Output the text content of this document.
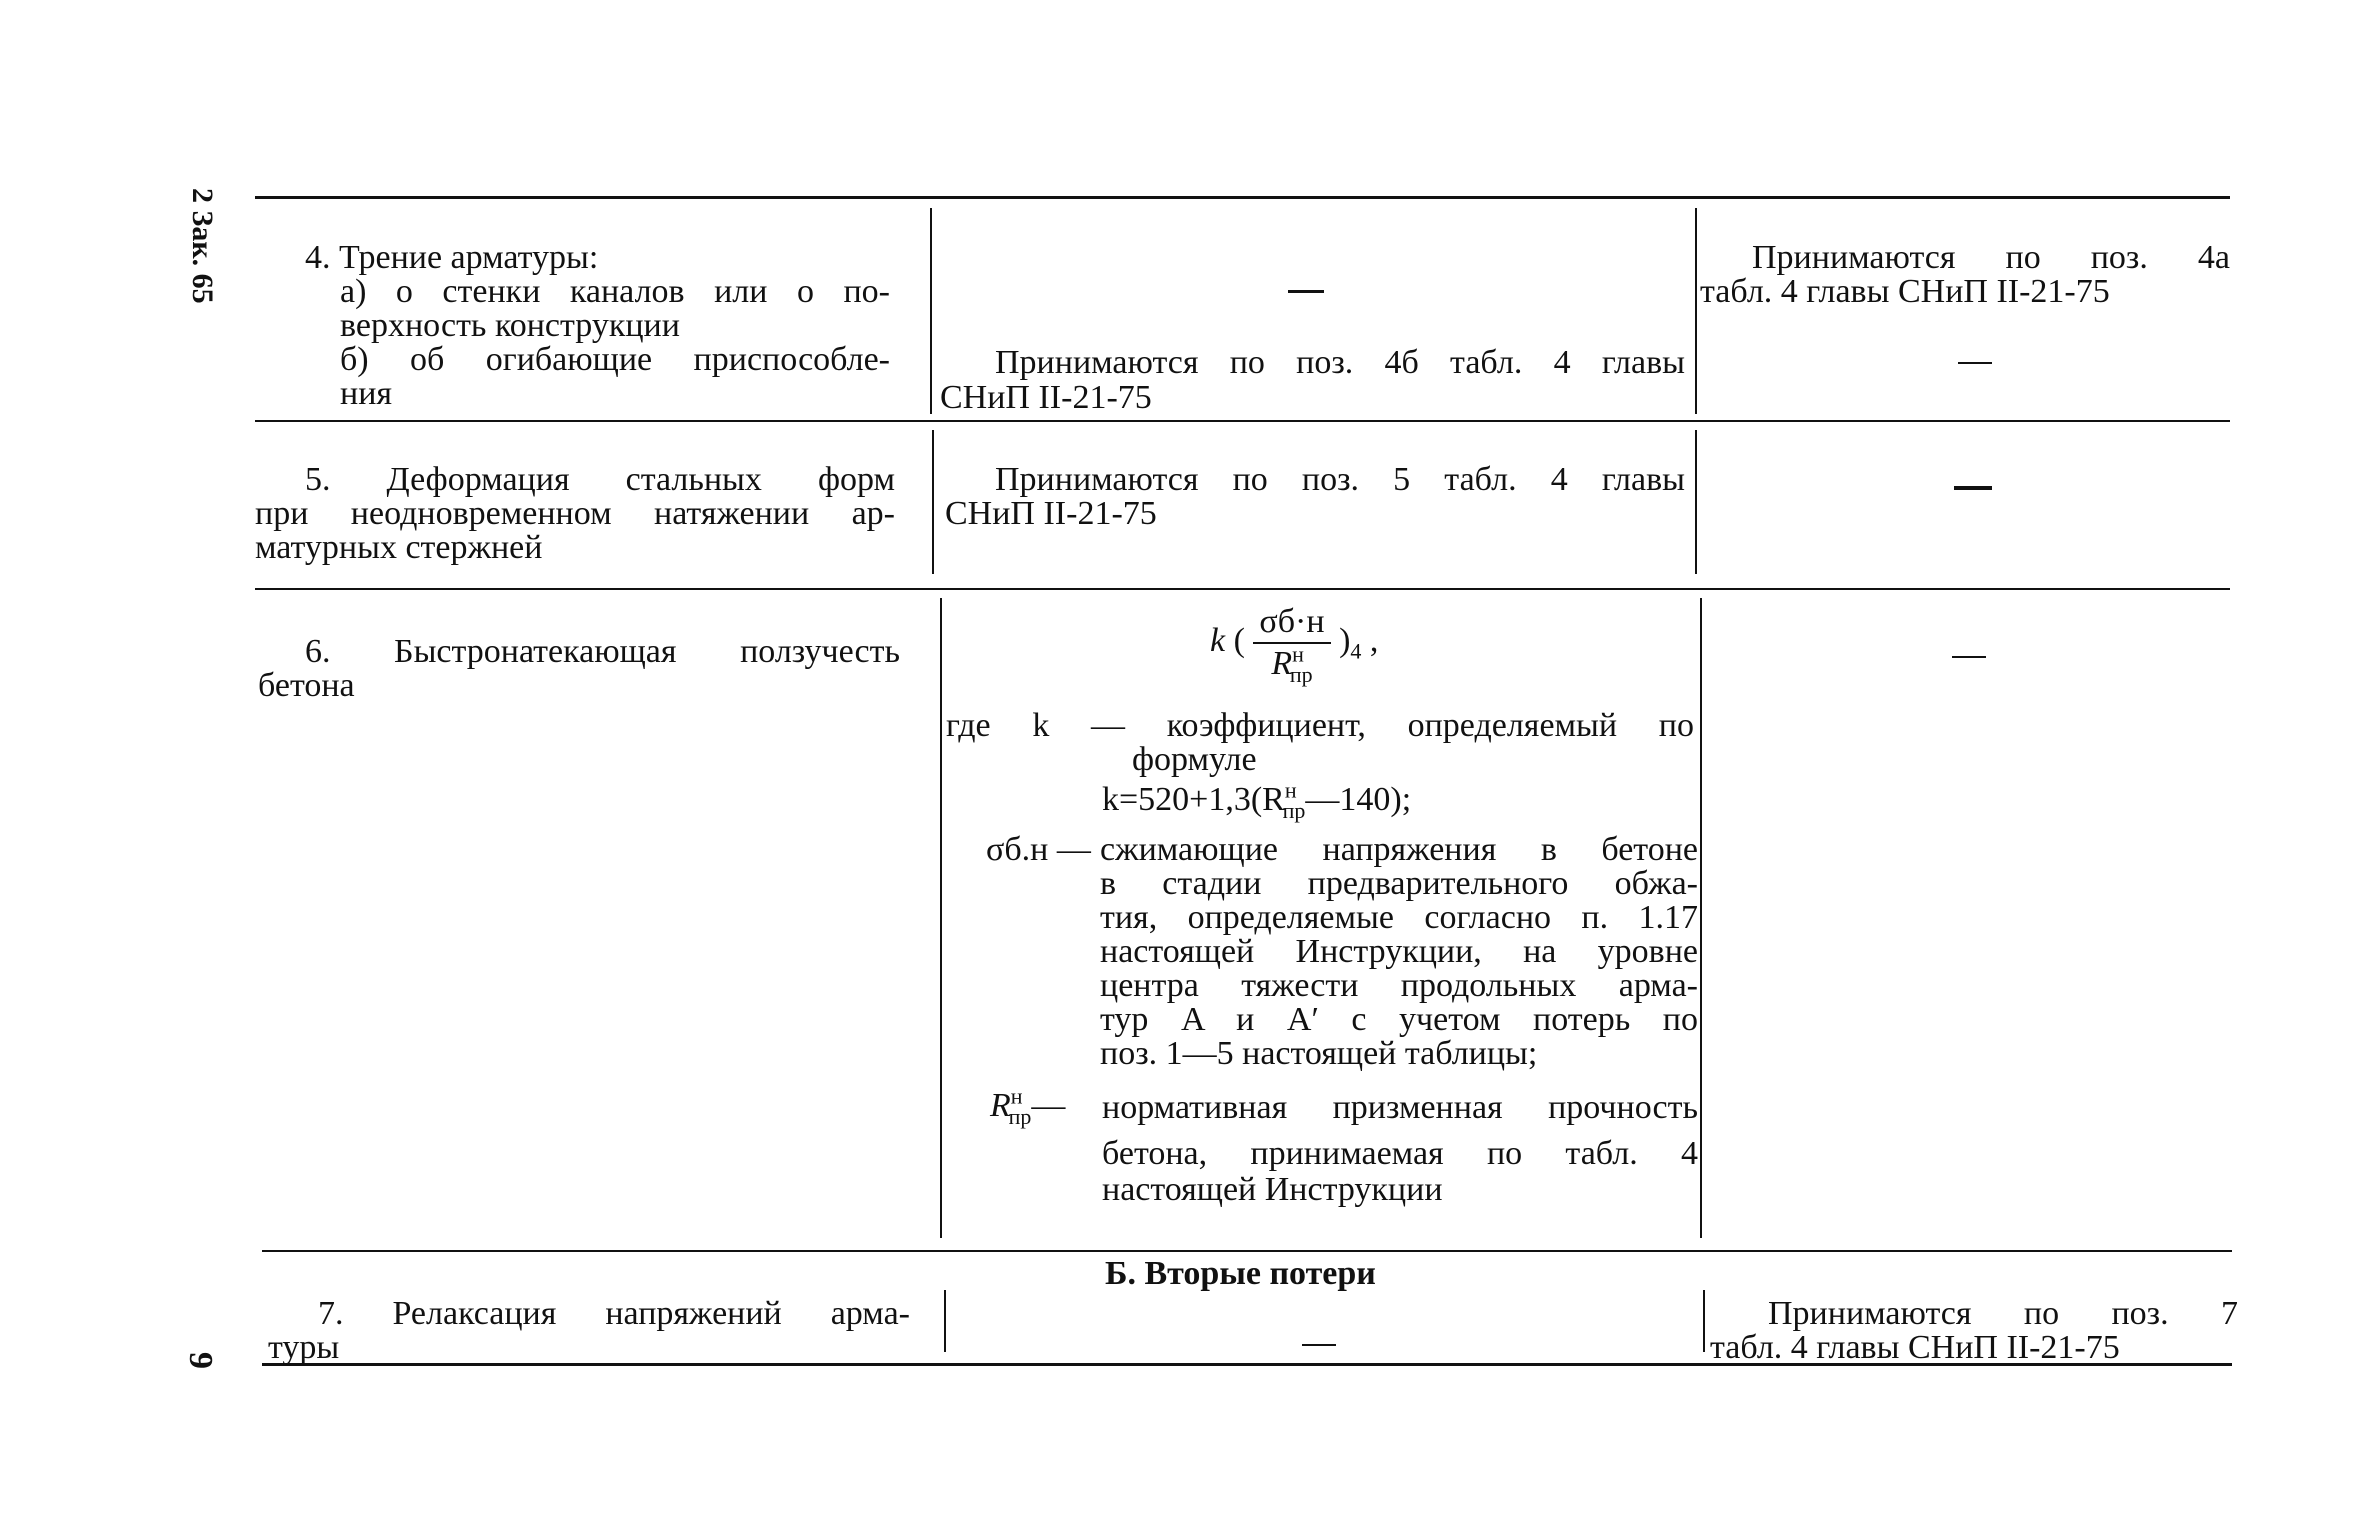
2 Зак. 65
9
4. Трение арматуры:
а) о стенки каналов или о по-
верхность конструкции
б) об огибающие приспособле-
ния
Принимаются по поз. 4б табл. 4 главы
СНиП II-21-75
Принимаются по поз. 4а
табл. 4 главы СНиП II-21-75
5. Деформация стальных форм
при неодновременном натяжении ар-
матурных стержней
Принимаются по поз. 5 табл. 4 главы
СНиП II-21-75
6. Быстронатекающая ползучесть
бетона
k ( $\frac{\sigma б\cdot н}{R^н_{пр}} )_4$ ,
где k — коэффициент, определяемый по
формуле
$k=520+1,3(R^н_{пр}—140)$;
σб.н — сжимающие напряжения в бетоне
в стадии предварительного обжа-
тия, определяемые согласно п. 1.17
настоящей Инструкции, на уровне
центра тяжести продольных арма-
тур A и A′ с учетом потерь по
поз. 1—5 настоящей таблицы;
$R^н_{пр}—$ нормативная призменная прочность
бетона, принимаемая по табл. 4
настоящей Инструкции
Б. Вторые потери
7. Релаксация напряжений арма-
туры
Принимаются по поз. 7
табл. 4 главы СНиП II-21-75
